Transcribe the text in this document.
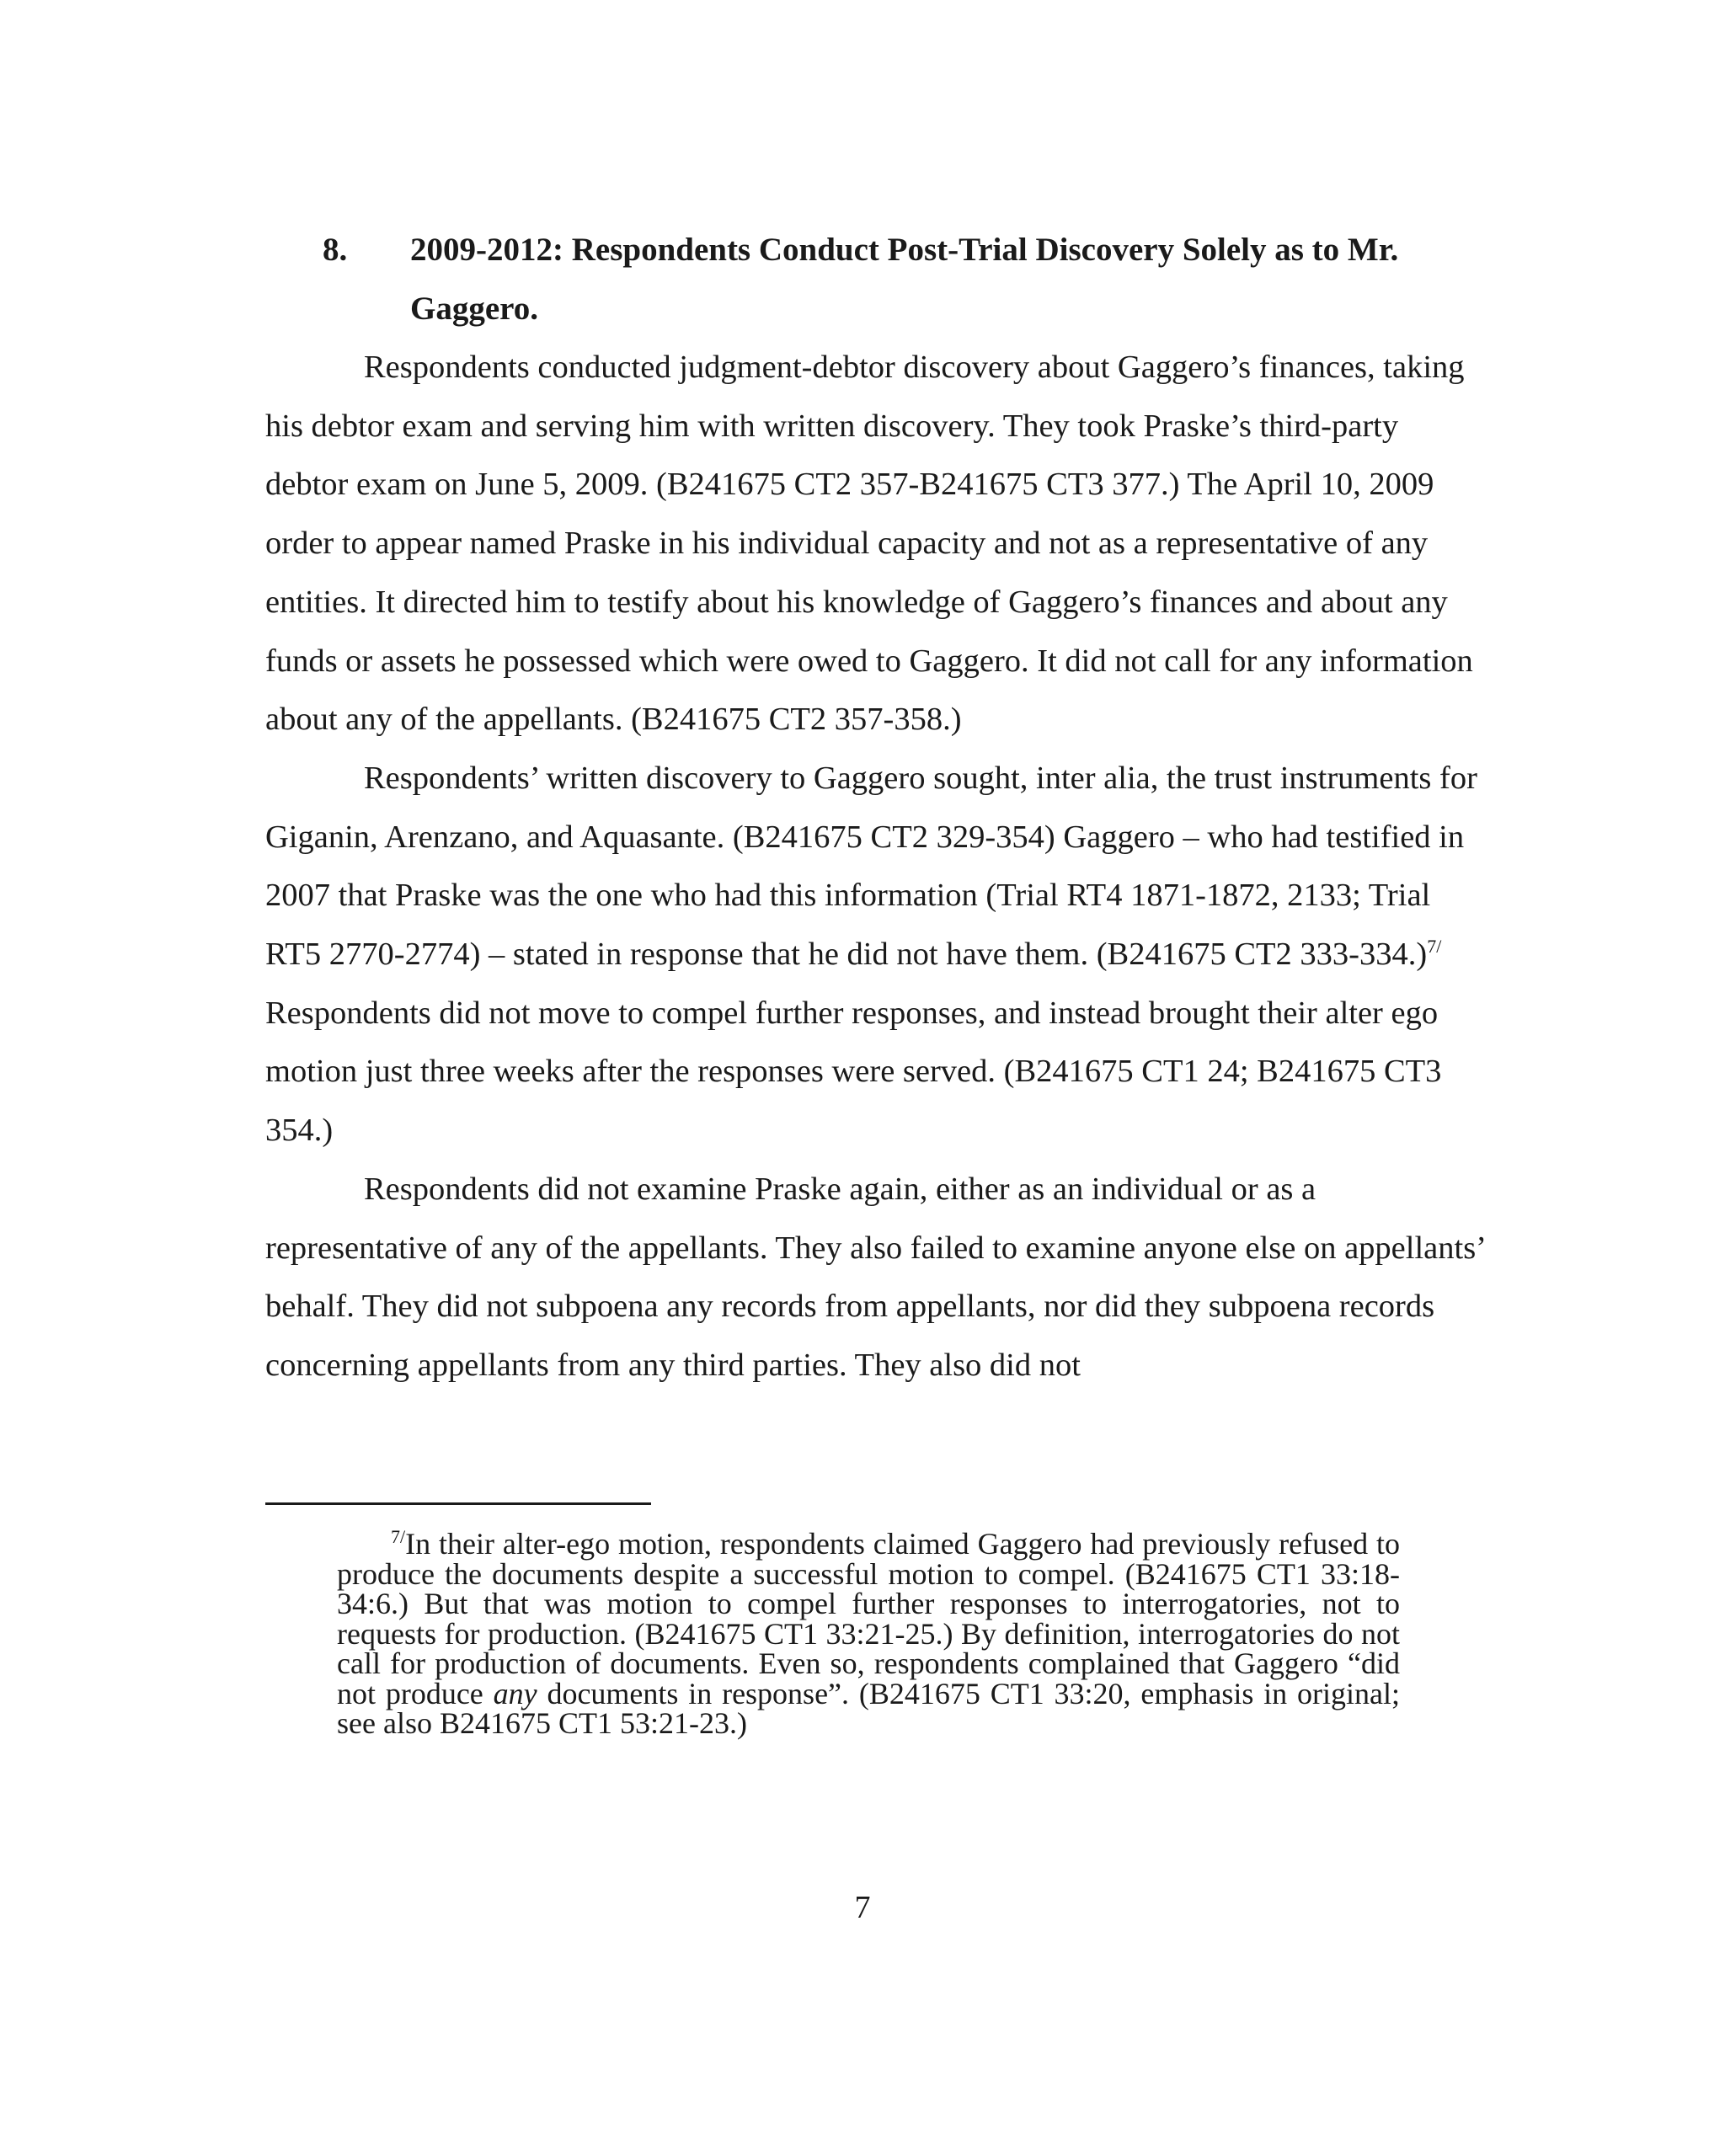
8. 2009-2012: Respondents Conduct Post-Trial Discovery Solely as to Mr. Gaggero.

Respondents conducted judgment-debtor discovery about Gaggero’s finances, taking his debtor exam and serving him with written discovery. They took Praske’s third-party debtor exam on June 5, 2009. (B241675 CT2 357-B241675 CT3 377.) The April 10, 2009 order to appear named Praske in his individual capacity and not as a representative of any entities. It directed him to testify about his knowledge of Gaggero’s finances and about any funds or assets he possessed which were owed to Gaggero. It did not call for any information about any of the appellants. (B241675 CT2 357-358.)

Respondents’ written discovery to Gaggero sought, inter alia, the trust instruments for Giganin, Arenzano, and Aquasante. (B241675 CT2 329-354) Gaggero – who had testified in 2007 that Praske was the one who had this information (Trial RT4 1871-1872, 2133; Trial RT5 2770-2774) – stated in response that he did not have them. (B241675 CT2 333-334.)$^{7/}$ Respondents did not move to compel further responses, and instead brought their alter ego motion just three weeks after the responses were served. (B241675 CT1 24; B241675 CT3 354.)

Respondents did not examine Praske again, either as an individual or as a representative of any of the appellants. They also failed to examine anyone else on appellants’ behalf. They did not subpoena any records from appellants, nor did they subpoena records concerning appellants from any third parties. They also did not

$^{7/}$In their alter-ego motion, respondents claimed Gaggero had previously refused to produce the documents despite a successful motion to compel. (B241675 CT1 33:18-34:6.) But that was motion to compel further responses to interrogatories, not to requests for production. (B241675 CT1 33:21-25.) By definition, interrogatories do not call for production of documents. Even so, respondents complained that Gaggero “did not produce any documents in response”. (B241675 CT1 33:20, emphasis in original; see also B241675 CT1 53:21-23.)

7
